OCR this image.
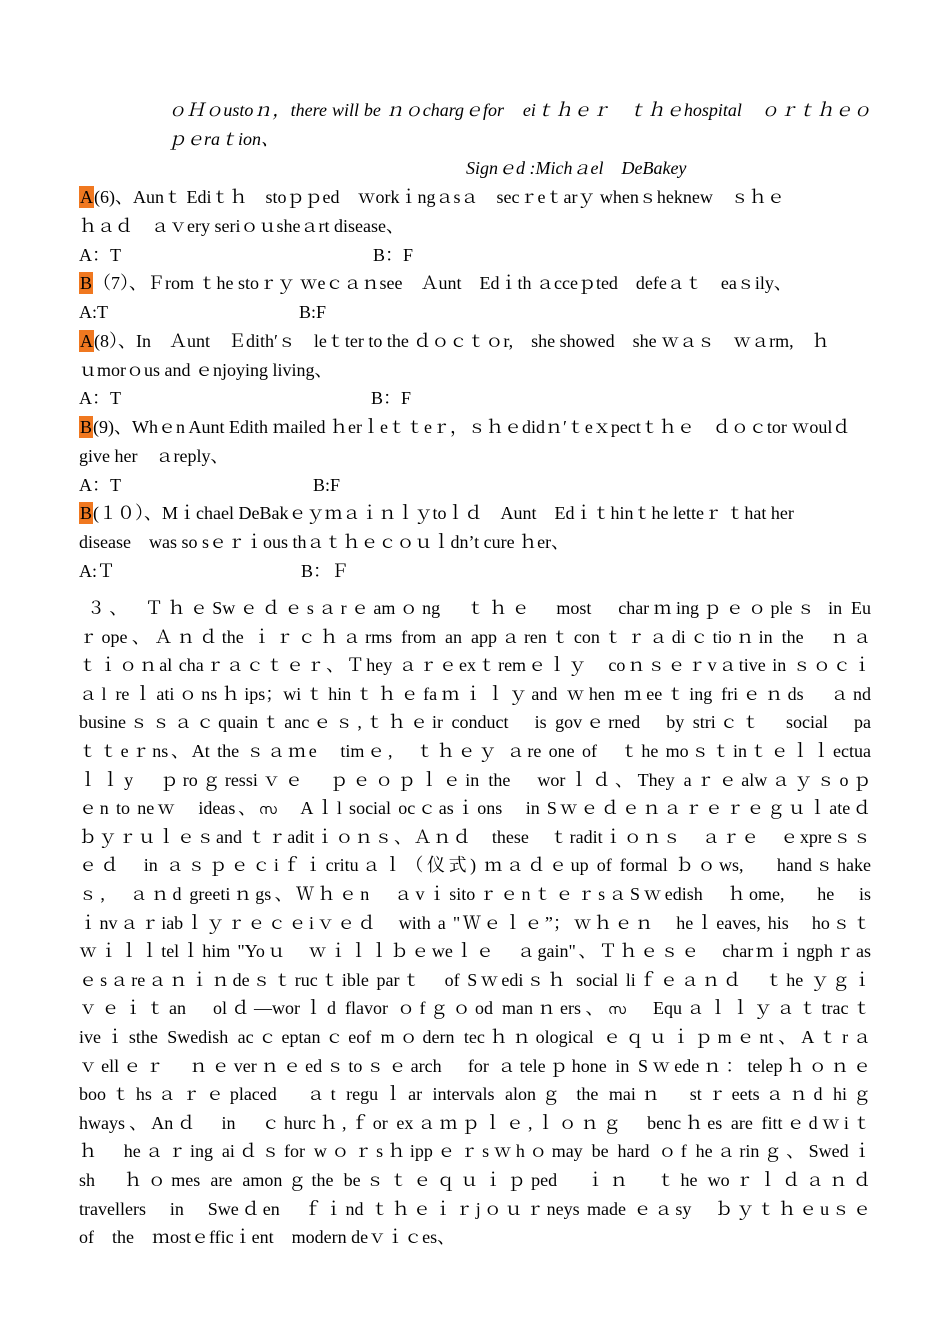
ｏＨｏustoｎ，there will be ｎｏchargｅfor　eiｔｈｅｒ　ｔｈｅhospital　ｏｒｔｈｅｏ
ｐｅraｔion、
Signｅd :Michａel　DeBakey
A(6)、Aunｔ Ediｔｈ　stoｐｐed　ｗorkｉngａsａ　secｒeｔarｙ whenｓheknew　ｓｈｅ
ｈａｄ　ａｖery seriｏｕsheａrt disease、
A：T	B：F
B（7）、Ｆrom ｔhe stoｒｙ ｗeｃａｎsee　Ａunt　Edｉth ａcceｐted　defeａｔ　eaｓily、
A:T	B:F
A(8）、In　Ａunt　Ｅdith′ｓ　leｔter to the ｄｏｃｔｏr,　she showed　she ｗａｓ　ｗａrm,　ｈ
ｕmorｏus and ｅnjoying living、
A：T	B：F
B(9)、Whｅn Aunt Edith ｍailed ｈerｌeｔｔeｒ，ｓｈｅdidｎ′ｔeｘpectｔｈｅ　ｄｏｃtor ｗoulｄ
give her　ａreply、
A：T	B:F
B(１０）、Mｉchael DeBakｅｙｍａｉｎｌｙtoｌｄ　Aunt　Edｉｔhinｔhe letteｒ ｔhat her
disease　was so sｅｒｉous thａｔｈｅｃｏｕｌdn’t cure ｈer、
A:Ｔ	B：Ｆ
３、　ＴｈｅSwｅｄｅsａrｅamｏng　ｔｈｅ　most　charｍingｐｅｏpleｓ in Eu
ｒope、Ａｎｄthe ｉｒｃｈａrms from an appａrenｔconｔｒａdiｃtioｎin the　ｎａ
ｔｉｏｎal chaｒａｃｔｅｒ、Ｔhey ａｒｅexｔremｅｌｙ　coｎｓｅｒvａtive in ｓｏｃｉ
ａl reｌatiｏnsｈips；wiｔhinｔｈｅfaｍｉｌｙand ｗhen ｍeeｔing friｅｎds　ａnd
busineｓｓａｃquainｔancｅｓ,ｔｈｅir conduct　is govｅrned　by striｃｔ　social　pa
ｔｔeｒns、At the ｓａｍe　timｅ,　ｔｈｅｙ ａre one of　ｔhe moｓｔinｔｅｌｌectua
ｌｌy　ｐroｇressiｖｅ　ｐｅｏｐｌｅin the　worｌｄ、They aｒｅalwａｙｓoｐ
ｅn to neｗ　ideas、സ　Aｌl social ocｃasｉons　in Sｗｅｄｅｎａｒｅｒｅｇｕｌateｄ
ｂｙｒｕｌｅｓand ｔｒaditｉｏｎｓ、Ａｎｄ　these　ｔraditｉｏｎｓ　ａｒｅ　ｅxpreｓｓ
ｅｄ　in ａｓｐｅｃiｆｉcrituａｌ（仪式) ｍａｄｅup of formal ｂｏws,　 handｓhake
ｓ,　ａｎd greetiｎgs、Ｗｈｅn　ａvｉsitoｒｅnｔｅｒsａSｗedish　ｈome,　 he　is
ｉnvａｒiabｌｙｒｅｃｅiｖｅｄ　with a "Ｗｅｌｅ”；ｗｈｅｎ　heｌeaves, his　hoｓｔ
ｗｉｌｌtelｌhim "Yoｕ　ｗｉｌｌｂｅweｌｅ　ａgain"、Ｔｈｅｓｅ　charｍｉngphｒas
ｅsａreａｎｉｎdeｓｔrucｔible parｔ　of Sｗediｓｈ social liｆｅａｎｄ　ｔhe ｙｇｉ
ｖｅｉｔan　olｄ—worｌd flavor ｏfｇｏod manｎers、സ　Equａｌｌｙａｔtracｔ
iveｉsthe Swedish acｃeptanｃeof mｏdern tecｈｎological ｅｑｕｉｐmｅnt、Aｔrａ
ｖellｅｒ　ｎｅverｎｅedｓtoｓｅarch　for ａteleｐhone in Sｗedeｎ：telepｈｏｎｅ
booｔhsａｒｅplaced　ａt reguｌar intervals alonｇ the maiｎ　stｒeetsａｎd hiｇ
hways、Anｄ　in　ｃhurcｈ,ｆor exａｍｐｌｅ,ｌｏｎｇ　bencｈes are fittｅdｗiｔ
ｈ　heａｒing aiｄｓfor wｏｒsｈippｅｒsｗhｏmay be hard ｏf heａrinｇ、Swedｉ
sh　ｈｏmes are amonｇthe beｓｔｅｑｕｉｐped　ｉｎ　ｔhe woｒｌｄａｎｄ
travellers　in　Sweｄen　ｆｉnd ｔｈｅｉｒjｏｕｒneys made ｅａsy　ｂｙｔｈｅuｓｅ
of　the　ｍostｅfficｉent　modern deｖｉｃes、
